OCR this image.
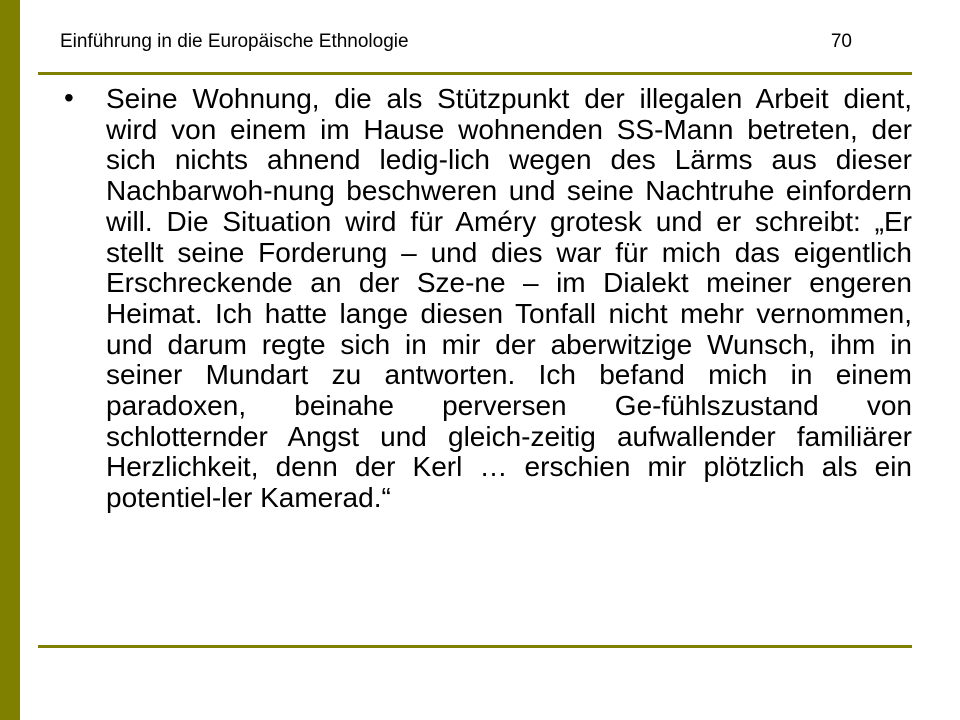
Einführung in die Europäische Ethnologie	70
• Seine Wohnung, die als Stützpunkt der illegalen Arbeit dient, wird von einem im Hause wohnenden SS-Mann betreten, der sich nichts ahnend ledig-lich wegen des Lärms aus dieser Nachbarwoh-nung beschweren und seine Nachtruhe einfordern will. Die Situation wird für Améry grotesk und er schreibt: „Er stellt seine Forderung – und dies war für mich das eigentlich Erschreckende an der Sze-ne – im Dialekt meiner engeren Heimat. Ich hatte lange diesen Tonfall nicht mehr vernommen, und darum regte sich in mir der aberwitzige Wunsch, ihm in seiner Mundart zu antworten. Ich befand mich in einem paradoxen, beinahe perversen Ge-fühlszustand von schlotternder Angst und gleich-zeitig aufwallender familiärer Herzlichkeit, denn der Kerl … erschien mir plötzlich als ein potentiel-ler Kamerad.“
